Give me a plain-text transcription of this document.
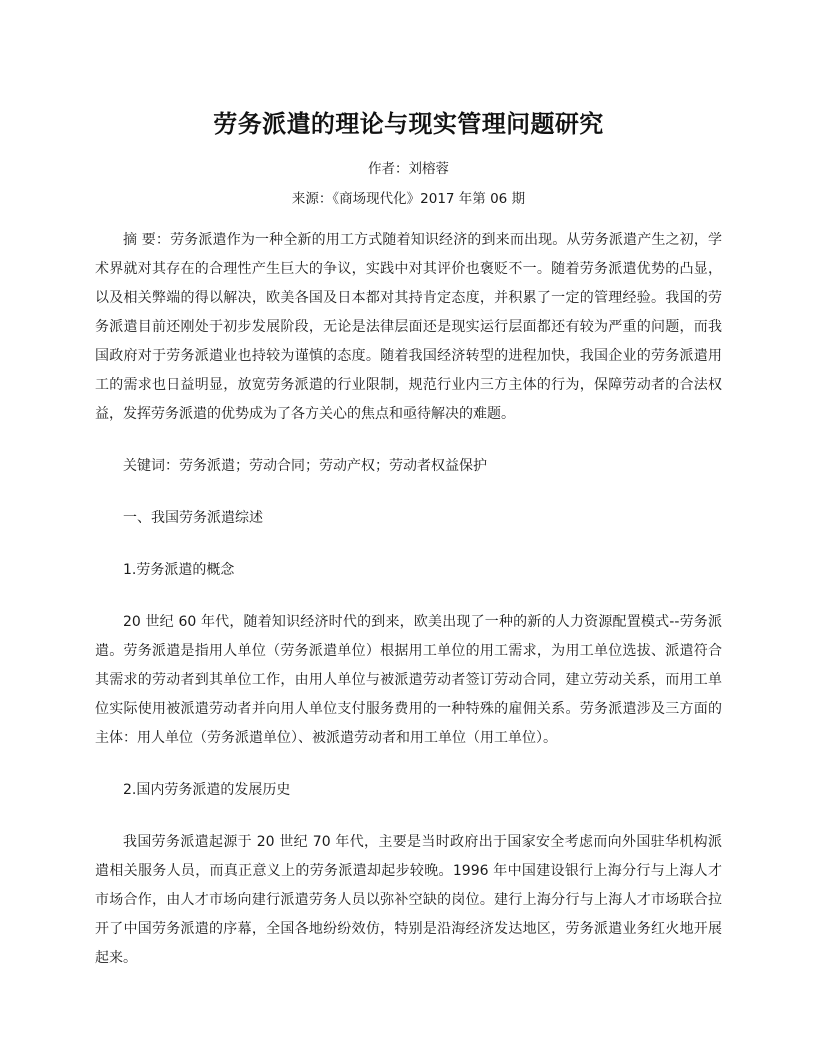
劳务派遣的理论与现实管理问题研究

作者：刘榕蓉

来源：《商场现代化》2017 年第 06 期

摘 要：劳务派遣作为一种全新的用工方式随着知识经济的到来而出现。从劳务派遣产生之初，学术界就对其存在的合理性产生巨大的争议，实践中对其评价也褒贬不一。随着劳务派遣优势的凸显，以及相关弊端的得以解决，欧美各国及日本都对其持肯定态度，并积累了一定的管理经验。我国的劳务派遣目前还刚处于初步发展阶段，无论是法律层面还是现实运行层面都还有较为严重的问题，而我国政府对于劳务派遣业也持较为谨慎的态度。随着我国经济转型的进程加快，我国企业的劳务派遣用工的需求也日益明显，放宽劳务派遣的行业限制，规范行业内三方主体的行为，保障劳动者的合法权益，发挥劳务派遣的优势成为了各方关心的焦点和亟待解决的难题。

关键词：劳务派遣；劳动合同；劳动产权；劳动者权益保护

一、我国劳务派遣综述

1.劳务派遣的概念

20 世纪 60 年代，随着知识经济时代的到来，欧美出现了一种的新的人力资源配置模式--劳务派遣。劳务派遣是指用人单位（劳务派遣单位）根据用工单位的用工需求，为用工单位选拔、派遣符合其需求的劳动者到其单位工作，由用人单位与被派遣劳动者签订劳动合同，建立劳动关系，而用工单位实际使用被派遣劳动者并向用人单位支付服务费用的一种特殊的雇佣关系。劳务派遣涉及三方面的主体：用人单位（劳务派遣单位）、被派遣劳动者和用工单位（用工单位）。

2.国内劳务派遣的发展历史

我国劳务派遣起源于 20 世纪 70 年代，主要是当时政府出于国家安全考虑而向外国驻华机构派遣相关服务人员，而真正意义上的劳务派遣却起步较晚。1996 年中国建设银行上海分行与上海人才市场合作，由人才市场向建行派遣劳务人员以弥补空缺的岗位。建行上海分行与上海人才市场联合拉开了中国劳务派遣的序幕，全国各地纷纷效仿，特别是沿海经济发达地区，劳务派遣业务红火地开展起来。
